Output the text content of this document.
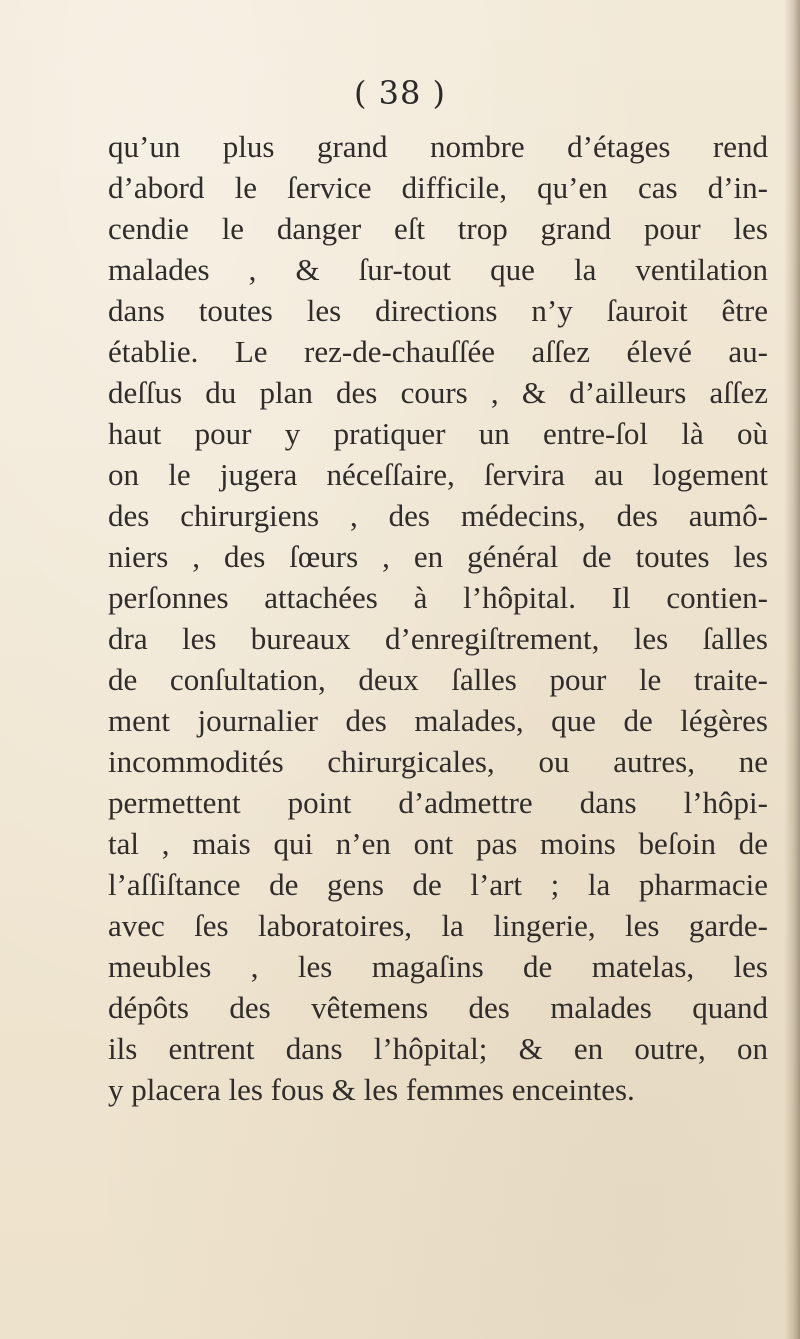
( 38 )
qu’un plus grand nombre d’étages rend
d’abord le ſervice difficile, qu’en cas d’in-
cendie le danger eſt trop grand pour les
malades , & ſur-tout que la ventilation
dans toutes les directions n’y ſauroit être
établie. Le rez-de-chauſſée aſſez élevé au-
deſſus du plan des cours , & d’ailleurs aſſez
haut pour y pratiquer un entre-ſol là où
on le jugera néceſſaire, ſervira au logement
des chirurgiens , des médecins, des aumô-
niers , des ſœurs , en général de toutes les
perſonnes attachées à l’hôpital. Il contien-
dra les bureaux d’enregiſtrement, les ſalles
de conſultation, deux ſalles pour le traite-
ment journalier des malades, que de légères
incommodités chirurgicales, ou autres, ne
permettent point d’admettre dans l’hôpi-
tal , mais qui n’en ont pas moins beſoin de
l’aſſiſtance de gens de l’art ; la pharmacie
avec ſes laboratoires, la lingerie, les garde-
meubles , les magaſins de matelas, les
dépôts des vêtemens des malades quand
ils entrent dans l’hôpital; & en outre, on
y placera les fous & les femmes enceintes.
